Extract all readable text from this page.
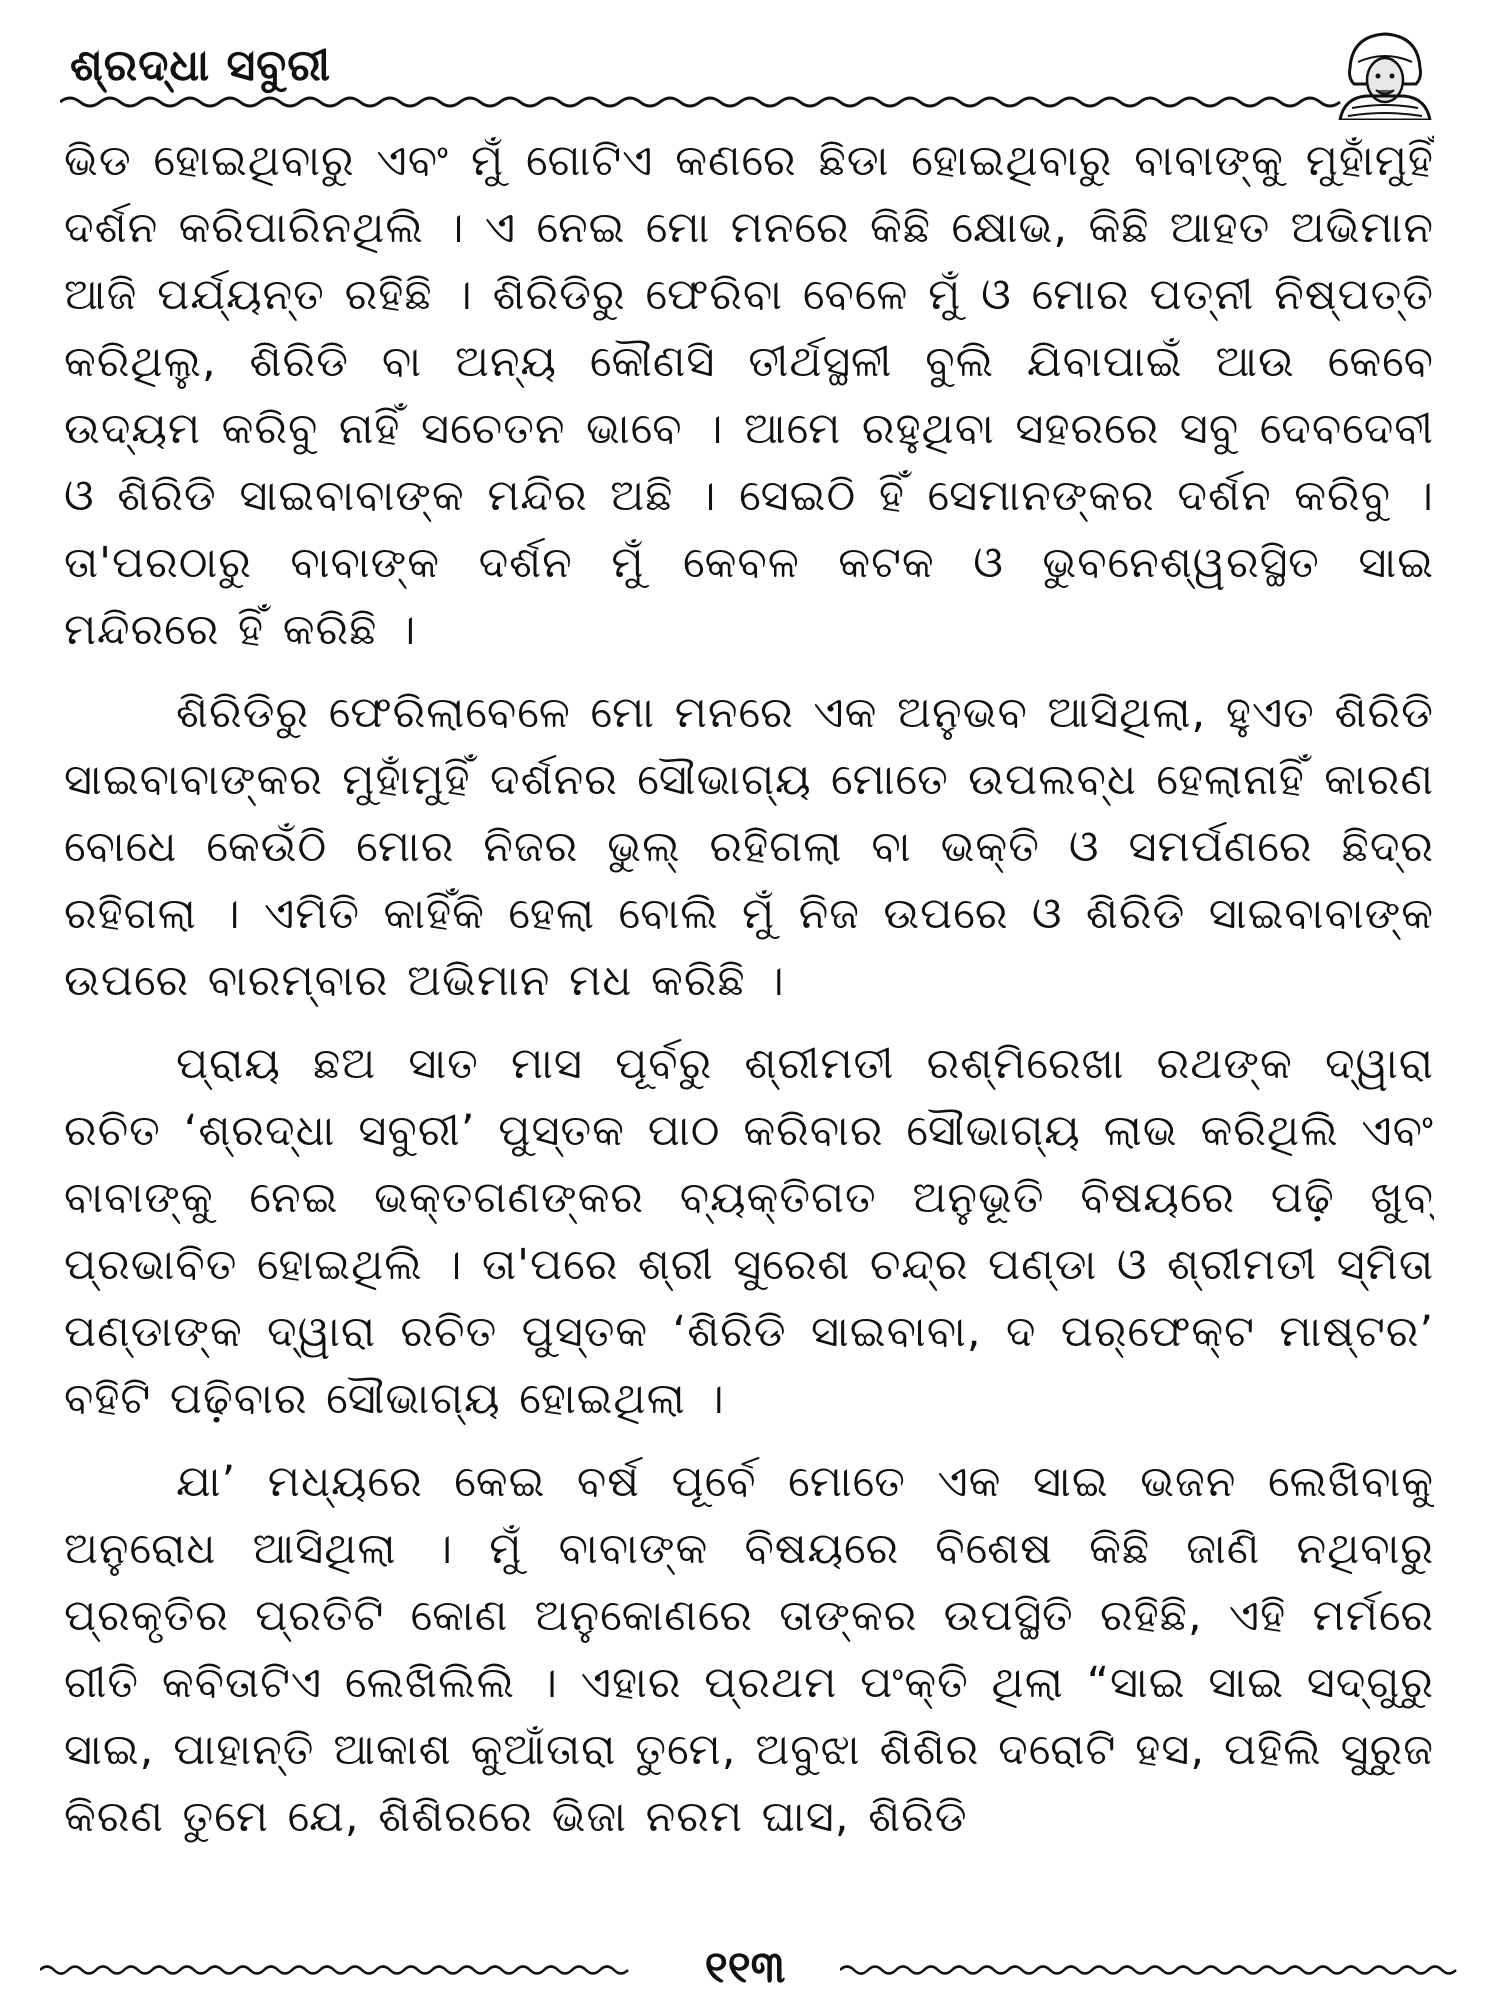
ଶ୍ରଦ୍ଧା ସବୁରୀ

ଭିଡ ହୋଇଥିବାରୁ ଏବଂ ମୁଁ ଗୋଟିଏ କଣରେ ଛିଡା ହୋଇଥିବାରୁ ବାବାଙ୍କୁ ମୁହାଁମୁହିଁ ଦର୍ଶନ କରିପାରିନଥିଲି । ଏ ନେଇ ମୋ ମନରେ କିଛି କ୍ଷୋଭ, କିଛି ଆହତ ଅଭିମାନ ଆଜି ପର୍ଯ୍ୟନ୍ତ ରହିଛି । ଶିରିଡିରୁ ଫେରିବା ବେଳେ ମୁଁ ଓ ମୋର ପତ୍ନୀ ନିଷ୍ପତ୍ତି କରିଥିଲୁ, ଶିରିଡି ବା ଅନ୍ୟ କୌଣସି ତୀର୍ଥସ୍ଥଳୀ ବୁଲି ଯିବାପାଇଁ ଆଉ କେବେ ଉଦ୍ୟମ କରିବୁ ନାହିଁ ସଚେତନ ଭାବେ । ଆମେ ରହୁଥିବା ସହରରେ ସବୁ ଦେବଦେବୀ ଓ ଶିରିଡି ସାଇବାବାଙ୍କ ମନ୍ଦିର ଅଛି । ସେଇଠି ହିଁ ସେମାନଙ୍କର ଦର୍ଶନ କରିବୁ । ତା'ପରଠାରୁ ବାବାଙ୍କ ଦର୍ଶନ ମୁଁ କେବଳ କଟକ ଓ ଭୁବନେଶ୍ୱରସ୍ଥିତ ସାଇ ମନ୍ଦିରରେ ହିଁ କରିଛି ।

ଶିରିଡିରୁ ଫେରିଲାବେଳେ ମୋ ମନରେ ଏକ ଅନୁଭବ ଆସିଥିଲା, ହୁଏତ ଶିରିଡି ସାଇବାବାଙ୍କର ମୁହାଁମୁହିଁ ଦର୍ଶନର ସୌଭାଗ୍ୟ ମୋତେ ଉପଲବ୍ଧ ହେଲାନାହିଁ କାରଣ ବୋଧେ କେଉଁଠି ମୋର ନିଜର ଭୁଲ୍ ରହିଗଲା ବା ଭକ୍ତି ଓ ସମର୍ପଣରେ ଛିଦ୍ର ରହିଗଲା । ଏମିତି କାହିଁକି ହେଲା ବୋଲି ମୁଁ ନିଜ ଉପରେ ଓ ଶିରିଡି ସାଇବାବାଙ୍କ ଉପରେ ବାରମ୍ବାର ଅଭିମାନ ମଧ କରିଛି ।

ପ୍ରାୟ ଛଅ ସାତ ମାସ ପୂର୍ବରୁ ଶ୍ରୀମତୀ ରଶ୍ମିରେଖା ରଥଙ୍କ ଦ୍ୱାରା ରଚିତ ‘ଶ୍ରଦ୍ଧା ସବୁରୀ’ ପୁସ୍ତକ ପାଠ କରିବାର ସୌଭାଗ୍ୟ ଲାଭ କରିଥିଲି ଏବଂ ବାବାଙ୍କୁ ନେଇ ଭକ୍ତଗଣଙ୍କର ବ୍ୟକ୍ତିଗତ ଅନୁଭୂତି ବିଷୟରେ ପଢ଼ି ଖୁବ୍ ପ୍ରଭାବିତ ହୋଇଥିଲି । ତା'ପରେ ଶ୍ରୀ ସୁରେଶ ଚନ୍ଦ୍ର ପଣ୍ଡା ଓ ଶ୍ରୀମତୀ ସ୍ମିତା ପଣ୍ଡାଙ୍କ ଦ୍ୱାରା ରଚିତ ପୁସ୍ତକ ‘ଶିରିଡି ସାଇବାବା, ଦ ପର୍‌ଫେକ୍ଟ ମାଷ୍ଟର’ ବହିଟି ପଢ଼ିବାର ସୌଭାଗ୍ୟ ହୋଇଥିଲା ।

ଯା’ ମଧ୍ୟରେ କେଇ ବର୍ଷ ପୂର୍ବେ ମୋତେ ଏକ ସାଇ ଭଜନ ଲେଖିବାକୁ ଅନୁରୋଧ ଆସିଥିଲା । ମୁଁ ବାବାଙ୍କ ବିଷୟରେ ବିଶେଷ କିଛି ଜାଣି ନଥିବାରୁ ପ୍ରକୃତିର ପ୍ରତିଟି କୋଣ ଅନୁକୋଣରେ ତାଙ୍କର ଉପସ୍ଥିତି ରହିଛି, ଏହି ମର୍ମରେ ଗୀତି କବିତାଟିଏ ଲେଖିଲିଲି । ଏହାର ପ୍ରଥମ ପଂକ୍ତି ଥିଲା “ସାଇ ସାଇ ସଦ୍‌ଗୁରୁ ସାଇ, ପାହାନ୍ତି ଆକାଶ କୁଆଁତାରା ତୁମେ, ଅବୁଝା ଶିଶିର ଦରୋଟି ହସ, ପହିଲି ସୁରୁଜ କିରଣ ତୁମେ ଯେ, ଶିଶିରରେ ଭିଜା ନରମ ଘାସ, ଶିରିଡି

୧୧୩
